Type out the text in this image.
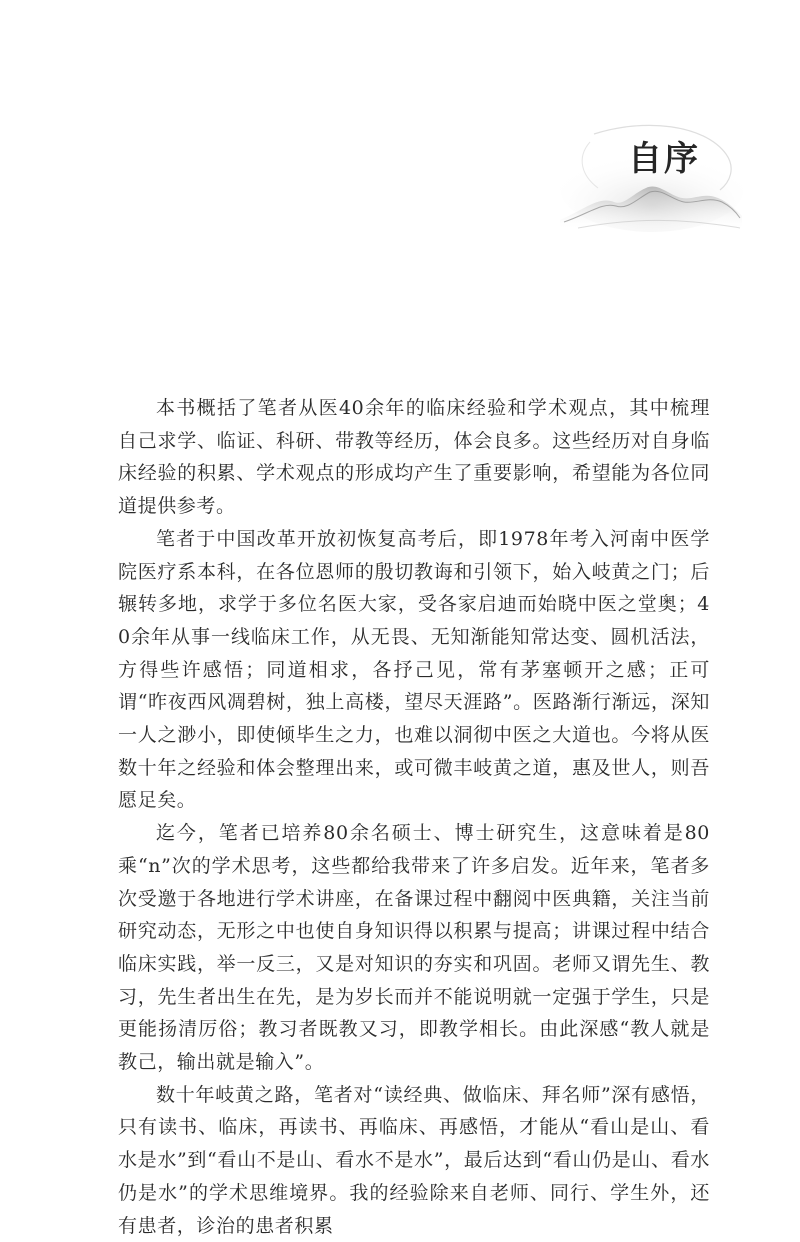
自序

本书概括了笔者从医40余年的临床经验和学术观点，其中梳理自己求学、临证、科研、带教等经历，体会良多。这些经历对自身临床经验的积累、学术观点的形成均产生了重要影响，希望能为各位同道提供参考。

笔者于中国改革开放初恢复高考后，即1978年考入河南中医学院医疗系本科，在各位恩师的殷切教诲和引领下，始入岐黄之门；后辗转多地，求学于多位名医大家，受各家启迪而始晓中医之堂奥；40余年从事一线临床工作，从无畏、无知渐能知常达变、圆机活法，方得些许感悟；同道相求，各抒己见，常有茅塞顿开之感；正可谓“昨夜西风凋碧树，独上高楼，望尽天涯路”。医路渐行渐远，深知一人之渺小，即使倾毕生之力，也难以洞彻中医之大道也。今将从医数十年之经验和体会整理出来，或可微丰岐黄之道，惠及世人，则吾愿足矣。

迄今，笔者已培养80余名硕士、博士研究生，这意味着是80乘“n”次的学术思考，这些都给我带来了许多启发。近年来，笔者多次受邀于各地进行学术讲座，在备课过程中翻阅中医典籍，关注当前研究动态，无形之中也使自身知识得以积累与提高；讲课过程中结合临床实践，举一反三，又是对知识的夯实和巩固。老师又谓先生、教习，先生者出生在先，是为岁长而并不能说明就一定强于学生，只是更能扬清厉俗；教习者既教又习，即教学相长。由此深感“教人就是教己，输出就是输入”。

数十年岐黄之路，笔者对“读经典、做临床、拜名师”深有感悟，只有读书、临床，再读书、再临床、再感悟，才能从“看山是山、看水是水”到“看山不是山、看水不是水”，最后达到“看山仍是山、看水仍是水”的学术思维境界。我的经验除来自老师、同行、学生外，还有患者，诊治的患者积累
